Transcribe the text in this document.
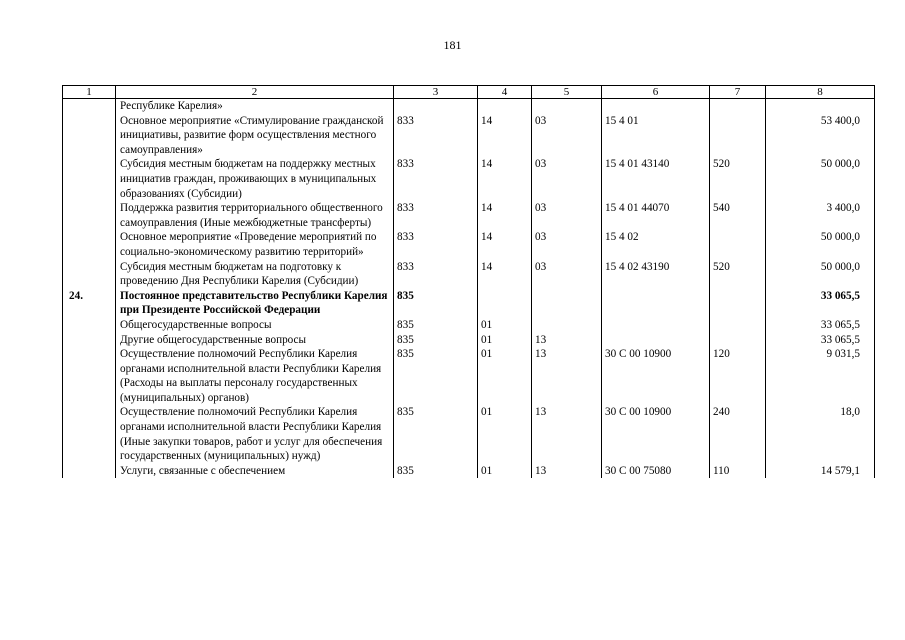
181
1	2	3	4	5	6	7	8
	Республике Карелия»						
	Основное мероприятие «Стимулирование гражданской инициативы, развитие форм осуществления местного самоуправления»	833	14	03	15 4 01		53 400,0
	Субсидия местным бюджетам на поддержку местных инициатив граждан, проживающих в муниципальных образованиях (Субсидии)	833	14	03	15 4 01 43140	520	50 000,0
	Поддержка развития территориального общественного самоуправления (Иные межбюджетные трансферты)	833	14	03	15 4 01 44070	540	3 400,0
	Основное мероприятие «Проведение мероприятий по социально-экономическому развитию территорий»	833	14	03	15 4 02		50 000,0
	Субсидия местным бюджетам на подготовку к проведению Дня Республики Карелия (Субсидии)	833	14	03	15 4 02 43190	520	50 000,0
24.	Постоянное представительство Республики Карелия при Президенте Российской Федерации	835					33 065,5
	Общегосударственные вопросы	835	01				33 065,5
	Другие общегосударственные вопросы	835	01	13			33 065,5
	Осуществление полномочий Республики Карелия органами исполнительной власти Республики Карелия (Расходы на выплаты персоналу государственных (муниципальных) органов)	835	01	13	30 С 00 10900	120	9 031,5
	Осуществление полномочий Республики Карелия органами исполнительной власти Республики Карелия (Иные закупки товаров, работ и услуг для обеспечения государственных (муниципальных) нужд)	835	01	13	30 С 00 10900	240	18,0
	Услуги, связанные с обеспечением	835	01	13	30 С 00 75080	110	14 579,1
